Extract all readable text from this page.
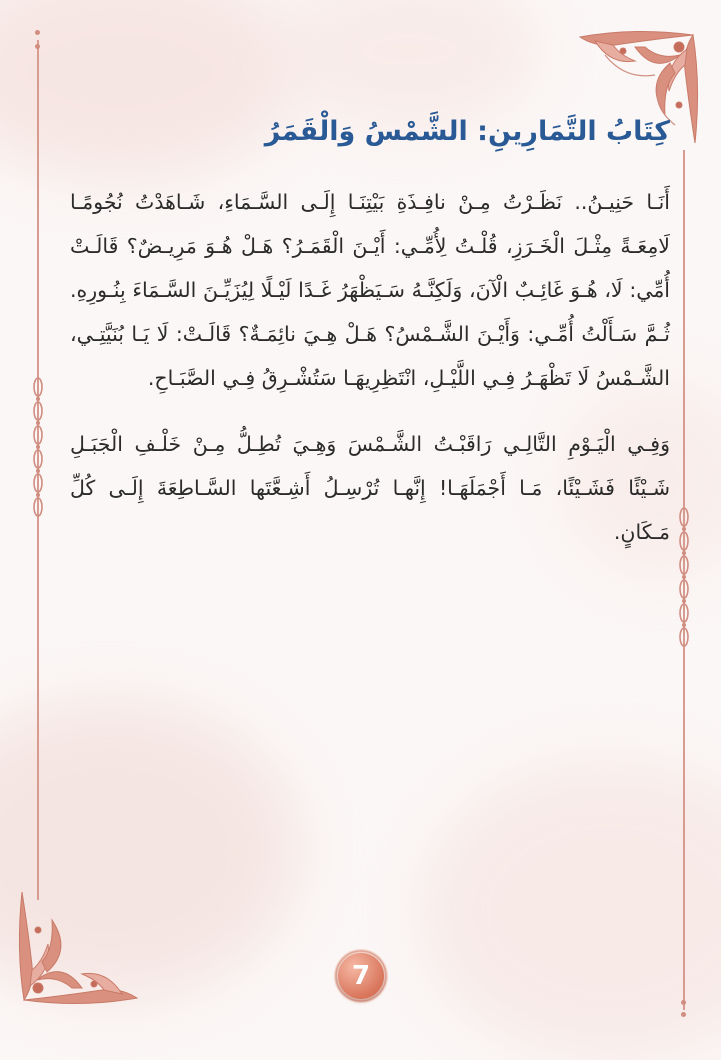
كِتَابُ التَّمَارِينِ: الشَّمْسُ وَالْقَمَرُ

أَنَـا حَنِيـنُ.. نَظَـرْتُ مِـنْ نافِـذَةِ بَيْتِنَـا إِلَـى السَّـمَاءِ، شَـاهَدْتُ نُجُومًـا لَامِعَـةً مِثْـلَ الْخَـرَزِ، قُلْـتُ لِأُمِّـي: أَيْـنَ الْقَمَـرُ؟ هَـلْ هُـوَ مَرِيـضٌ؟ قَالَـتْ أُمِّي: لَا، هُـوَ غَائِـبٌ الْآنَ، وَلَكِنَّـهُ سَـيَظْهَرُ غَـدًا لَيْـلًا لِيُزَيِّـنَ السَّـمَاءَ بِنُـورِهِ. ثُـمَّ سَـأَلْتُ أُمِّـي: وَأَيْـنَ الشَّـمْسُ؟ هَـلْ هِـيَ نائِمَـةٌ؟ قَالَـتْ: لَا يَـا بُنَيَّتِـي، الشَّـمْسُ لَا تَظْهَـرُ فِـي اللَّيْـلِ، انْتَظِرِيهَـا سَتُشْـرِقُ فِـي الصَّبَـاحِ.

وَفِـي الْيَـوْمِ التَّالِـي رَاقَبْـتُ الشَّـمْسَ وَهِـيَ تُطِـلُّ مِـنْ خَلْـفِ الْجَبَـلِ شَـيْئًا فَشَـيْئًا، مَـا أَجْمَلَهَـا! إِنَّهـا تُرْسِـلُ أَشِـعَّتَها السَّـاطِعَةَ إِلَـى كُلِّ مَـكَانٍ.

7
